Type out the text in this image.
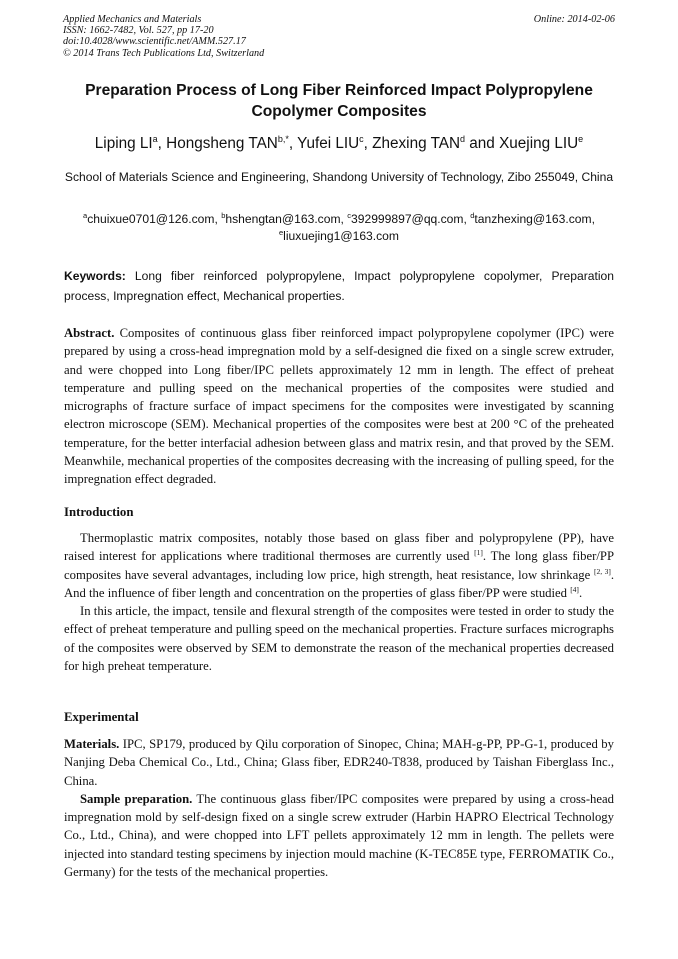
Applied Mechanics and Materials
ISSN: 1662-7482, Vol. 527, pp 17-20
doi:10.4028/www.scientific.net/AMM.527.17
© 2014 Trans Tech Publications Ltd, Switzerland
Online: 2014-02-06
Preparation Process of Long Fiber Reinforced Impact Polypropylene Copolymer Composites
Liping $LI^a$, Hongsheng $TAN^{b,*}$, Yufei LIU$^c$, Zhexing TAN$^d$ and Xuejing LIU$^e$
School of Materials Science and Engineering, Shandong University of Technology, Zibo 255049, China
$^a$chuixue0701@126.com, $^b$hshengtan@163.com, $^c$392999897@qq.com, $^d$tanzhexing@163.com,
$^e$liuxuejing1@163.com
Keywords: Long fiber reinforced polypropylene, Impact polypropylene copolymer, Preparation process, Impregnation effect, Mechanical properties.
Abstract. Composites of continuous glass fiber reinforced impact polypropylene copolymer (IPC) were prepared by using a cross-head impregnation mold by a self-designed die fixed on a single screw extruder, and were chopped into Long fiber/IPC pellets approximately 12 mm in length. The effect of preheat temperature and pulling speed on the mechanical properties of the composites were studied and micrographs of fracture surface of impact specimens for the composites were investigated by scanning electron microscope (SEM). Mechanical properties of the composites were best at 200 °C of the preheated temperature, for the better interfacial adhesion between glass and matrix resin, and that proved by the SEM. Meanwhile, mechanical properties of the composites decreasing with the increasing of pulling speed, for the impregnation effect degraded.
Introduction

Thermoplastic matrix composites, notably those based on glass fiber and polypropylene (PP), have raised interest for applications where traditional thermoses are currently used [1]. The long glass fiber/PP composites have several advantages, including low price, high strength, heat resistance, low shrinkage [2, 3]. And the influence of fiber length and concentration on the properties of glass fiber/PP were studied [4].

In this article, the impact, tensile and flexural strength of the composites were tested in order to study the effect of preheat temperature and pulling speed on the mechanical properties. Fracture surfaces micrographs of the composites were observed by SEM to demonstrate the reason of the mechanical properties decreased for high preheat temperature.

Experimental

Materials. IPC, SP179, produced by Qilu corporation of Sinopec, China; MAH-g-PP, PP-G-1, produced by Nanjing Deba Chemical Co., Ltd., China; Glass fiber, EDR240-T838, produced by Taishan Fiberglass Inc., China.

Sample preparation. The continuous glass fiber/IPC composites were prepared by using a cross-head impregnation mold by self-design fixed on a single screw extruder (Harbin HAPRO Electrical Technology Co., Ltd., China), and were chopped into LFT pellets approximately 12 mm in length. The pellets were injected into standard testing specimens by injection mould machine (K-TEC85E type, FERROMATIK Co., Germany) for the tests of the mechanical properties.
